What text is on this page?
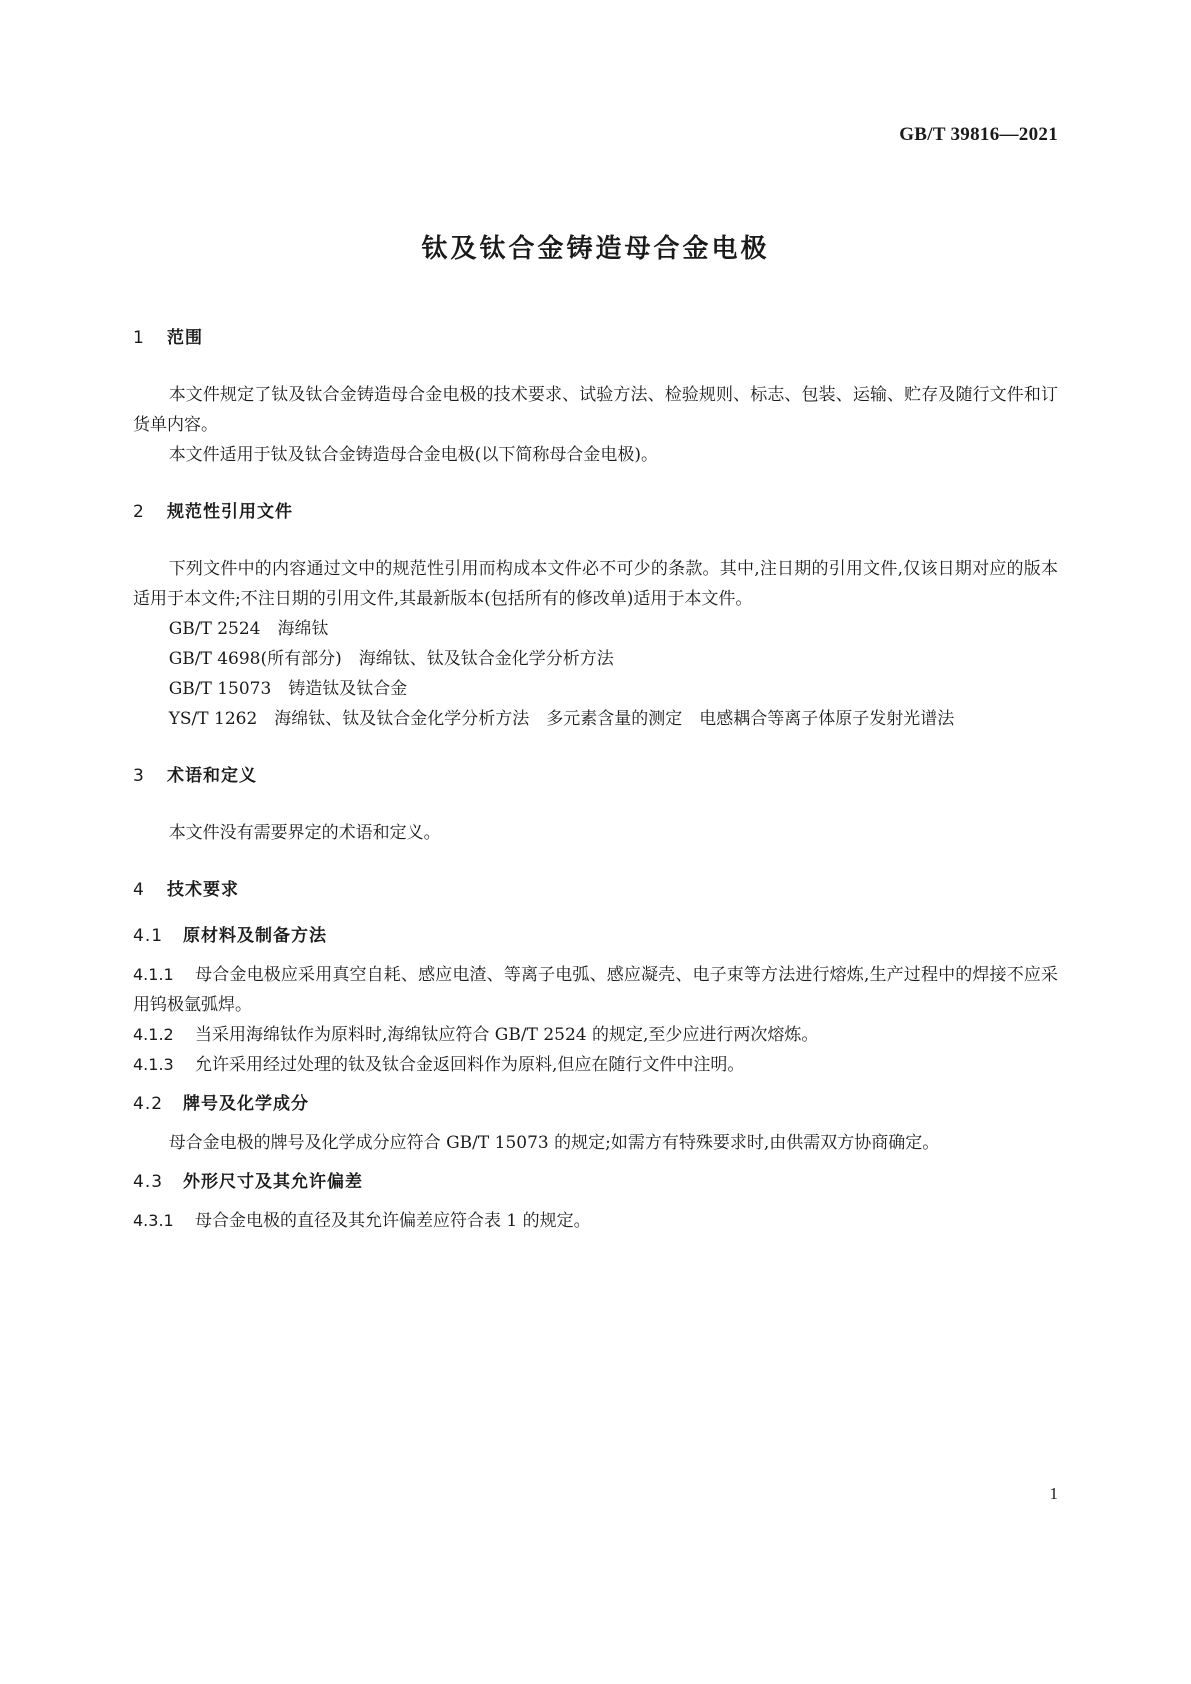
GB/T 39816—2021
钛及钛合金铸造母合金电极
1 范围

本文件规定了钛及钛合金铸造母合金电极的技术要求、试验方法、检验规则、标志、包装、运输、贮存及随行文件和订货单内容。

本文件适用于钛及钛合金铸造母合金电极(以下简称母合金电极)。

2 规范性引用文件

下列文件中的内容通过文中的规范性引用而构成本文件必不可少的条款。其中,注日期的引用文件,仅该日期对应的版本适用于本文件;不注日期的引用文件,其最新版本(包括所有的修改单)适用于本文件。

GB/T 2524　海绵钛

GB/T 4698(所有部分)　海绵钛、钛及钛合金化学分析方法

GB/T 15073　铸造钛及钛合金

YS/T 1262　海绵钛、钛及钛合金化学分析方法　多元素含量的测定　电感耦合等离子体原子发射光谱法

3 术语和定义

本文件没有需要界定的术语和定义。

4 技术要求
4.1 原材料及制备方法

4.1.1 母合金电极应采用真空自耗、感应电渣、等离子电弧、感应凝壳、电子束等方法进行熔炼,生产过程中的焊接不应采用钨极氩弧焊。

4.1.2 当采用海绵钛作为原料时,海绵钛应符合 GB/T 2524 的规定,至少应进行两次熔炼。

4.1.3 允许采用经过处理的钛及钛合金返回料作为原料,但应在随行文件中注明。

4.2 牌号及化学成分

母合金电极的牌号及化学成分应符合 GB/T 15073 的规定;如需方有特殊要求时,由供需双方协商确定。

4.3 外形尺寸及其允许偏差

4.3.1 母合金电极的直径及其允许偏差应符合表 1 的规定。

1
